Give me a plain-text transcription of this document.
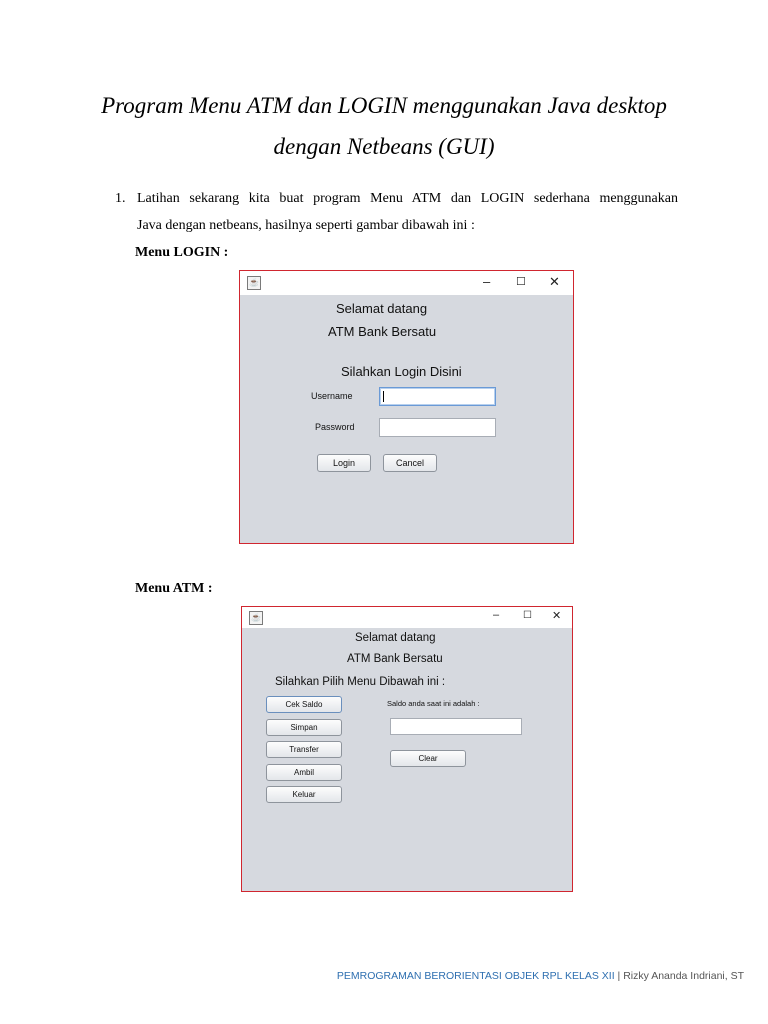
Program Menu ATM dan LOGIN menggunakan Java desktop
dengan Netbeans (GUI)
1. Latihan sekarang kita buat program Menu ATM dan LOGIN sederhana menggunakan
Java dengan netbeans, hasilnya seperti gambar dibawah ini :
Menu LOGIN :
☕	– ☐ ✕
Selamat datang
ATM Bank Bersatu
Silahkan Login Disini
Username
Password
Login	Cancel
Menu ATM :
☕	– ☐ ✕
Selamat datang
ATM Bank Bersatu
Silahkan Pilih Menu Dibawah ini :
Cek Saldo
Simpan
Transfer
Ambil
Keluar
Saldo anda saat ini adalah :
Clear
PEMROGRAMAN BERORIENTASI OBJEK RPL KELAS XII | Rizky Ananda Indriani, ST
